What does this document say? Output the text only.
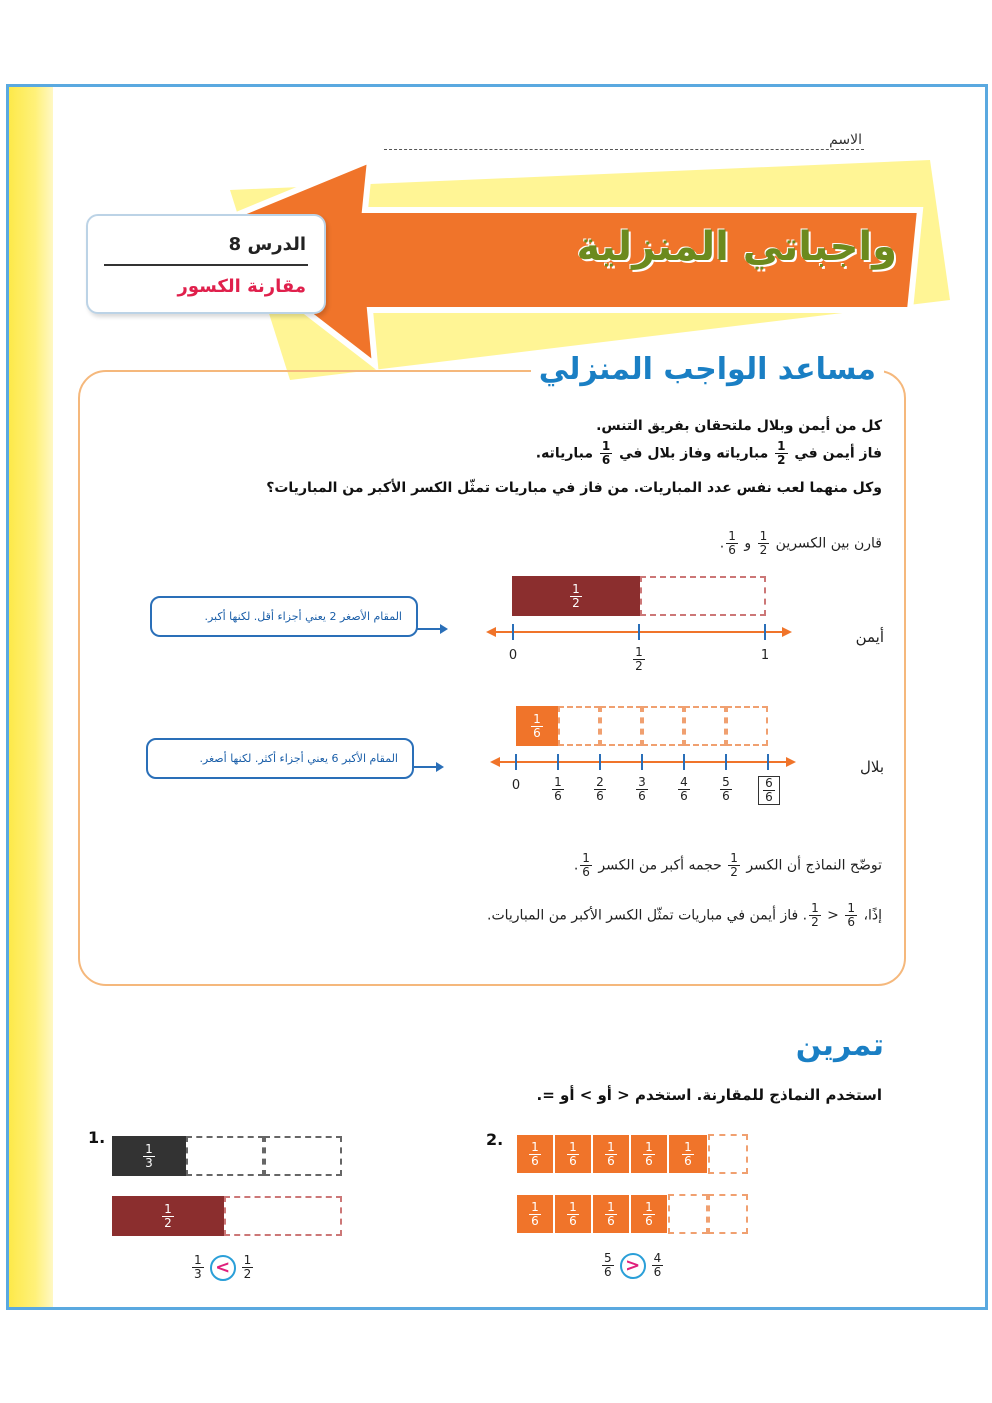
الاسم
واجباتي المنزلية
الدرس 8
مقارنة الكسور
مساعد الواجب المنزلي
كل من أيمن وبلال ملتحقان بفريق التنس.
فاز أيمن في
$\frac{1}{2}$
مبارياته وفاز بلال في
$\frac{1}{6}$
مبارياته.
وكل منهما لعب نفس عدد المباريات. من فاز في مباريات تمثّل الكسر الأكبر من المباريات؟
قارن بين الكسرين
$\frac{1}{2}$
و
$\frac{1}{6}$
.
$\frac{1}{2}$
0	$\frac{1}{2}$	1
أيمن
المقام الأصغر 2 يعني أجزاء أقل. لكنها أكبر.
$\frac{1}{6}$
0	$\frac{1}{6}$	$\frac{2}{6}$	$\frac{3}{6}$	$\frac{4}{6}$	$\frac{5}{6}$	$\frac{6}{6}$
بلال
المقام الأكبر 6 يعني أجزاء أكثر. لكنها أصغر.
توضّح النماذج أن الكسر
$\frac{1}{2}$
حجمه أكبر من الكسر
$\frac{1}{6}$
.
إذًا،
$\frac{1}{6}$
<
$\frac{1}{2}$
. فاز أيمن في مباريات تمثّل الكسر الأكبر من المباريات.
تمرين
استخدم النماذج للمقارنة. استخدم < أو > أو =.
1.
$\frac{1}{3}$
$\frac{1}{2}$
$\frac{1}{3} < \frac{1}{2}$
2.
$\frac{1}{6} \frac{1}{6} \frac{1}{6} \frac{1}{6} \frac{1}{6}$
$\frac{1}{6} \frac{1}{6} \frac{1}{6} \frac{1}{6}$
$\frac{5}{6} > \frac{4}{6}$
